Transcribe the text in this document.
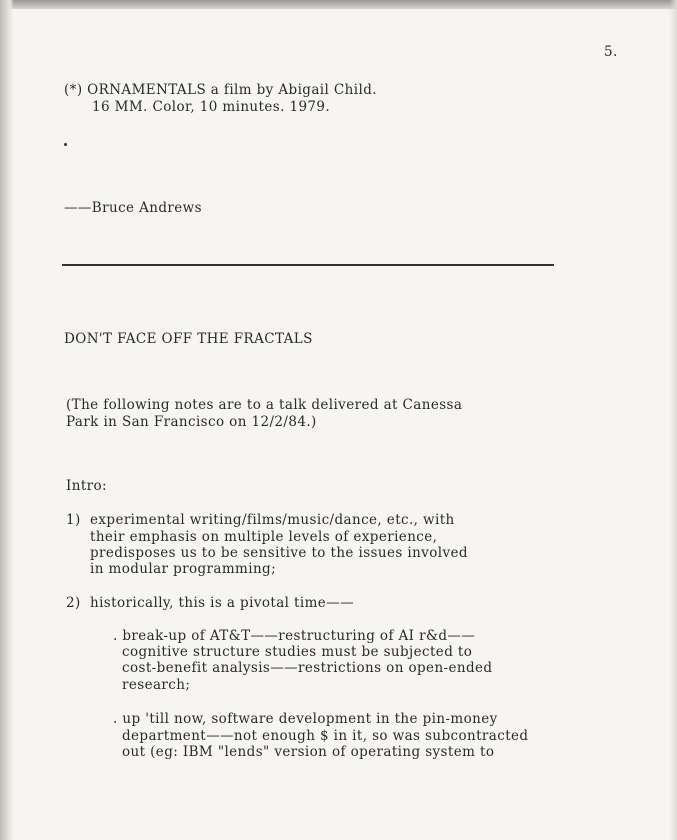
5.
(*) ORNAMENTALS a film by Abigail Child.
16 MM. Color, 10 minutes. 1979.
——Bruce Andrews
DON'T FACE OFF THE FRACTALS
(The following notes are to a talk delivered at Canessa
Park in San Francisco on 12/2/84.)
Intro:
1) experimental writing/films/music/dance, etc., with
their emphasis on multiple levels of experience,
predisposes us to be sensitive to the issues involved
in modular programming;
2) historically, this is a pivotal time——
. break-up of AT&T——restructuring of AI r&d——
cognitive structure studies must be subjected to
cost-benefit analysis——restrictions on open-ended
research;
. up 'till now, software development in the pin-money
department——not enough $ in it, so was subcontracted
out (eg: IBM "lends" version of operating system to
